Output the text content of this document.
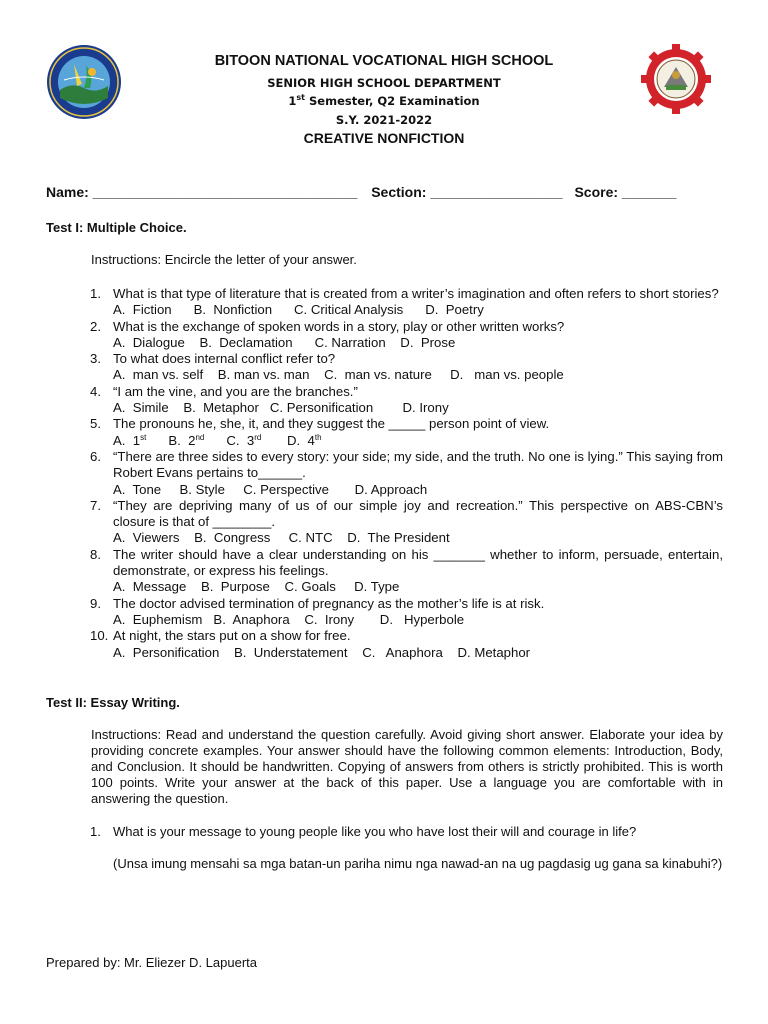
BITOON NATIONAL VOCATIONAL HIGH SCHOOL
SENIOR HIGH SCHOOL DEPARTMENT
1st Semester, Q2 Examination
S.Y. 2021-2022
CREATIVE NONFICTION
Name: __________________________________ Section: _________________ Score: _______
Test I: Multiple Choice.
Instructions: Encircle the letter of your answer.
1. What is that type of literature that is created from a writer’s imagination and often refers to short stories?
A.  Fiction      B.  Nonfiction      C. Critical Analysis      D.  Poetry
2. What is the exchange of spoken words in a story, play or other written works?
A.  Dialogue    B.  Declamation      C. Narration    D.  Prose
3. To what does internal conflict refer to?
A.  man vs. self    B. man vs. man    C.  man vs. nature     D.   man vs. people
4. “I am the vine, and you are the branches.”
A.  Simile    B.  Metaphor   C. Personification        D. Irony
5. The pronouns he, she, it, and they suggest the _____ person point of view.
A.  1st      B.  2nd      C.  3rd       D.  4th
6. “There are three sides to every story: your side; my side, and the truth. No one is lying.” This saying from Robert Evans pertains to______.
A.  Tone     B. Style     C. Perspective       D. Approach
7. “They are depriving many of us of our simple joy and recreation.” This perspective on ABS-CBN’s closure is that of ________.
A.  Viewers    B.  Congress     C. NTC    D.  The President
8. The writer should have a clear understanding on his _______ whether to inform, persuade, entertain, demonstrate, or express his feelings.
A.  Message    B.  Purpose    C. Goals     D. Type
9. The doctor advised termination of pregnancy as the mother’s life is at risk.
A.  Euphemism   B.  Anaphora    C.  Irony       D.   Hyperbole
10. At night, the stars put on a show for free.
A.  Personification    B.  Understatement    C.   Anaphora    D. Metaphor
Test II: Essay Writing.
Instructions: Read and understand the question carefully. Avoid giving short answer. Elaborate your idea by providing concrete examples. Your answer should have the following common elements: Introduction, Body, and Conclusion. It should be handwritten. Copying of answers from others is strictly prohibited. This is worth 100 points. Write your answer at the back of this paper. Use a language you are comfortable with in answering the question.
1. What is your message to young people like you who have lost their will and courage in life?
(Unsa imung mensahi sa mga batan-un pariha nimu nga nawad-an na ug pagdasig ug gana sa kinabuhi?)
Prepared by: Mr. Eliezer D. Lapuerta
